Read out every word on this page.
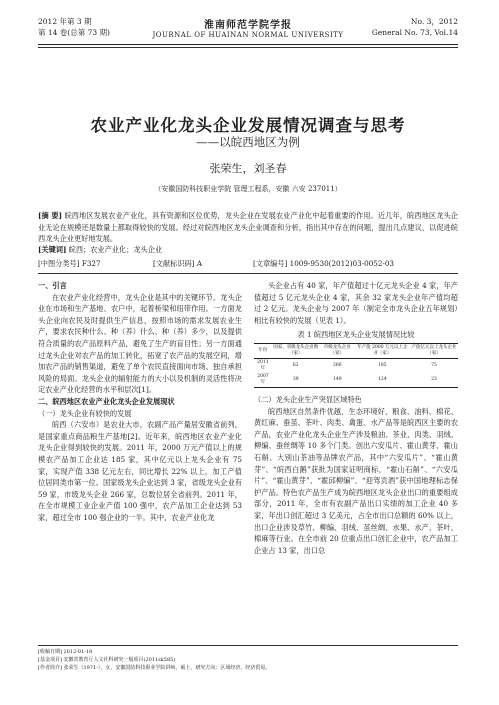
2012 年第 3 期
第 14 卷(总第 73 期)
淮南师范学院学报
JOURNAL OF HUAINAN NORMAL UNIVERSITY
No. 3，2012
General No. 73, Vol.14
农业产业化龙头企业发展情况调查与思考
——以皖西地区为例
张荣生，刘圣春
（安徽国防科技职业学院 管理工程系，安徽 六安 237011）
[摘 要] 皖西地区发展农业产业化，具有资源和区位优势，龙头企业在发展农业产业化中起着重要的作用。近几年，皖西地区龙头企业无论在规模还是数量上都取得较快的发展。经过对皖西地区龙头企业调查和分析，指出其中存在的问题，提出几点建议，以促进皖西龙头企业更好地发展。
[关键词] 皖西；农业产业化；龙头企业
[中图分类号] F327	[文献标识码] A	[文章编号] 1009-9530(2012)03-0052-03

一、引言

在农业产业化经营中，龙头企业是其中的关键环节。龙头企业在市场和生产基地、农户中，起着桥梁和纽带作用。一方面龙头企业向农民及时提供生产信息，按照市场的需求发展农业生产，要求农民种什么、种（养）什么、种（养）多少，以及提供符合质量的农产品原料产品，避免了生产的盲目性；另一方面通过龙头企业对农产品的加工转化，拓宽了农产品的发展空间，增加农产品的销售渠道，避免了单个农民直接面向市场、独自承担风险的局面。龙头企业的辐射能力的大小以及机制的灵活性将决定农业产业化经营的水平和层次[1]。

二、皖西地区农业产业化龙头企业发展现状

（一）龙头企业有较快的发展

皖西（六安市）是农业大市，农副产品产量居安徽省前列，是国家重点商品粮生产基地[2]。近年来，皖西地区农业产业化龙头企业得到较快的发展。2011 年，2000 万元产值以上的规模农产品加工企业达 185 家，其中亿元以上龙头企业有 75 家，实现产值 338 亿元左右，同比增长 22% 以上，加工产值位居同类市第一位。国家级龙头企业达到 3 家，省级龙头企业有 59 家，市级龙头企业 266 家，总数位居全省前列。2011 年，在全市规模工业企业产值 100 强中，农产品加工企业达到 53 家，超过全市 100 强企业的一半。其中，农业产业化龙

头企业占有 40 家，年产值超过十亿元龙头企业 4 家，年产值超过 5 亿元龙头企业 4 家，其余 32 家龙头企业年产值均超过 2 亿元。龙头企业与 2007 年（制定全市龙头企业五年规划）相比有较快的发展（见表 1）。

表 1 皖西地区龙头企业发展情况比较
年份	国家、省级龙头企业数（家）	市级龙头企业（家）	年产值 2000 万元以上企业（家）	产值亿元以上龙头企业（家）
2011 年	62	266	185	75
2007 年	39	149	124	23

（二）龙头企业生产突显区域特色

皖西地区自然条件优越，生态环境好，粮食、油料、棉花、黄红麻、蚕茧、茶叶、肉类、禽蛋、水产品等是皖西区主要的农产品，农业产业化龙头企业生产涉及粮油、茶业、肉类、羽绒、柳编、蚕丝绸等 10 多个门类。创出六安瓜片、霍山黄芽、霍山石斛、大别山茶油等品牌农产品，其中“六安瓜片”、“霍山黄芽”、“皖西白鹅”获批为国家证明商标，“霍山石斛”、“六安瓜片”、“霍山黄芽”、“霍邱柳编”、“迎驾贡酒”获中国地理标志保护产品。特色农产品生产成为皖西地区龙头企业出口的重要组成部分，2011 年，全市有农副产品出口实绩的加工企业 40 多家，年出口创汇超过 3 亿美元，占全市出口总额的 60% 以上，出口企业涉及草竹、柳编、羽绒、茧丝绸、水果、水产、茶叶、棉麻等行业。在全市前 20 位重点出口创汇企业中，农产品加工企业占 13 家，出口总

[收稿日期] 2012-01-18
[基金项目] 安徽省教育厅人文社科研究一般项目(2011sk585)
[作者简介] 张荣生（1971-），女，安徽国防科技职业学院讲师，硕士，研究方向：区域经济、经济贸易。
